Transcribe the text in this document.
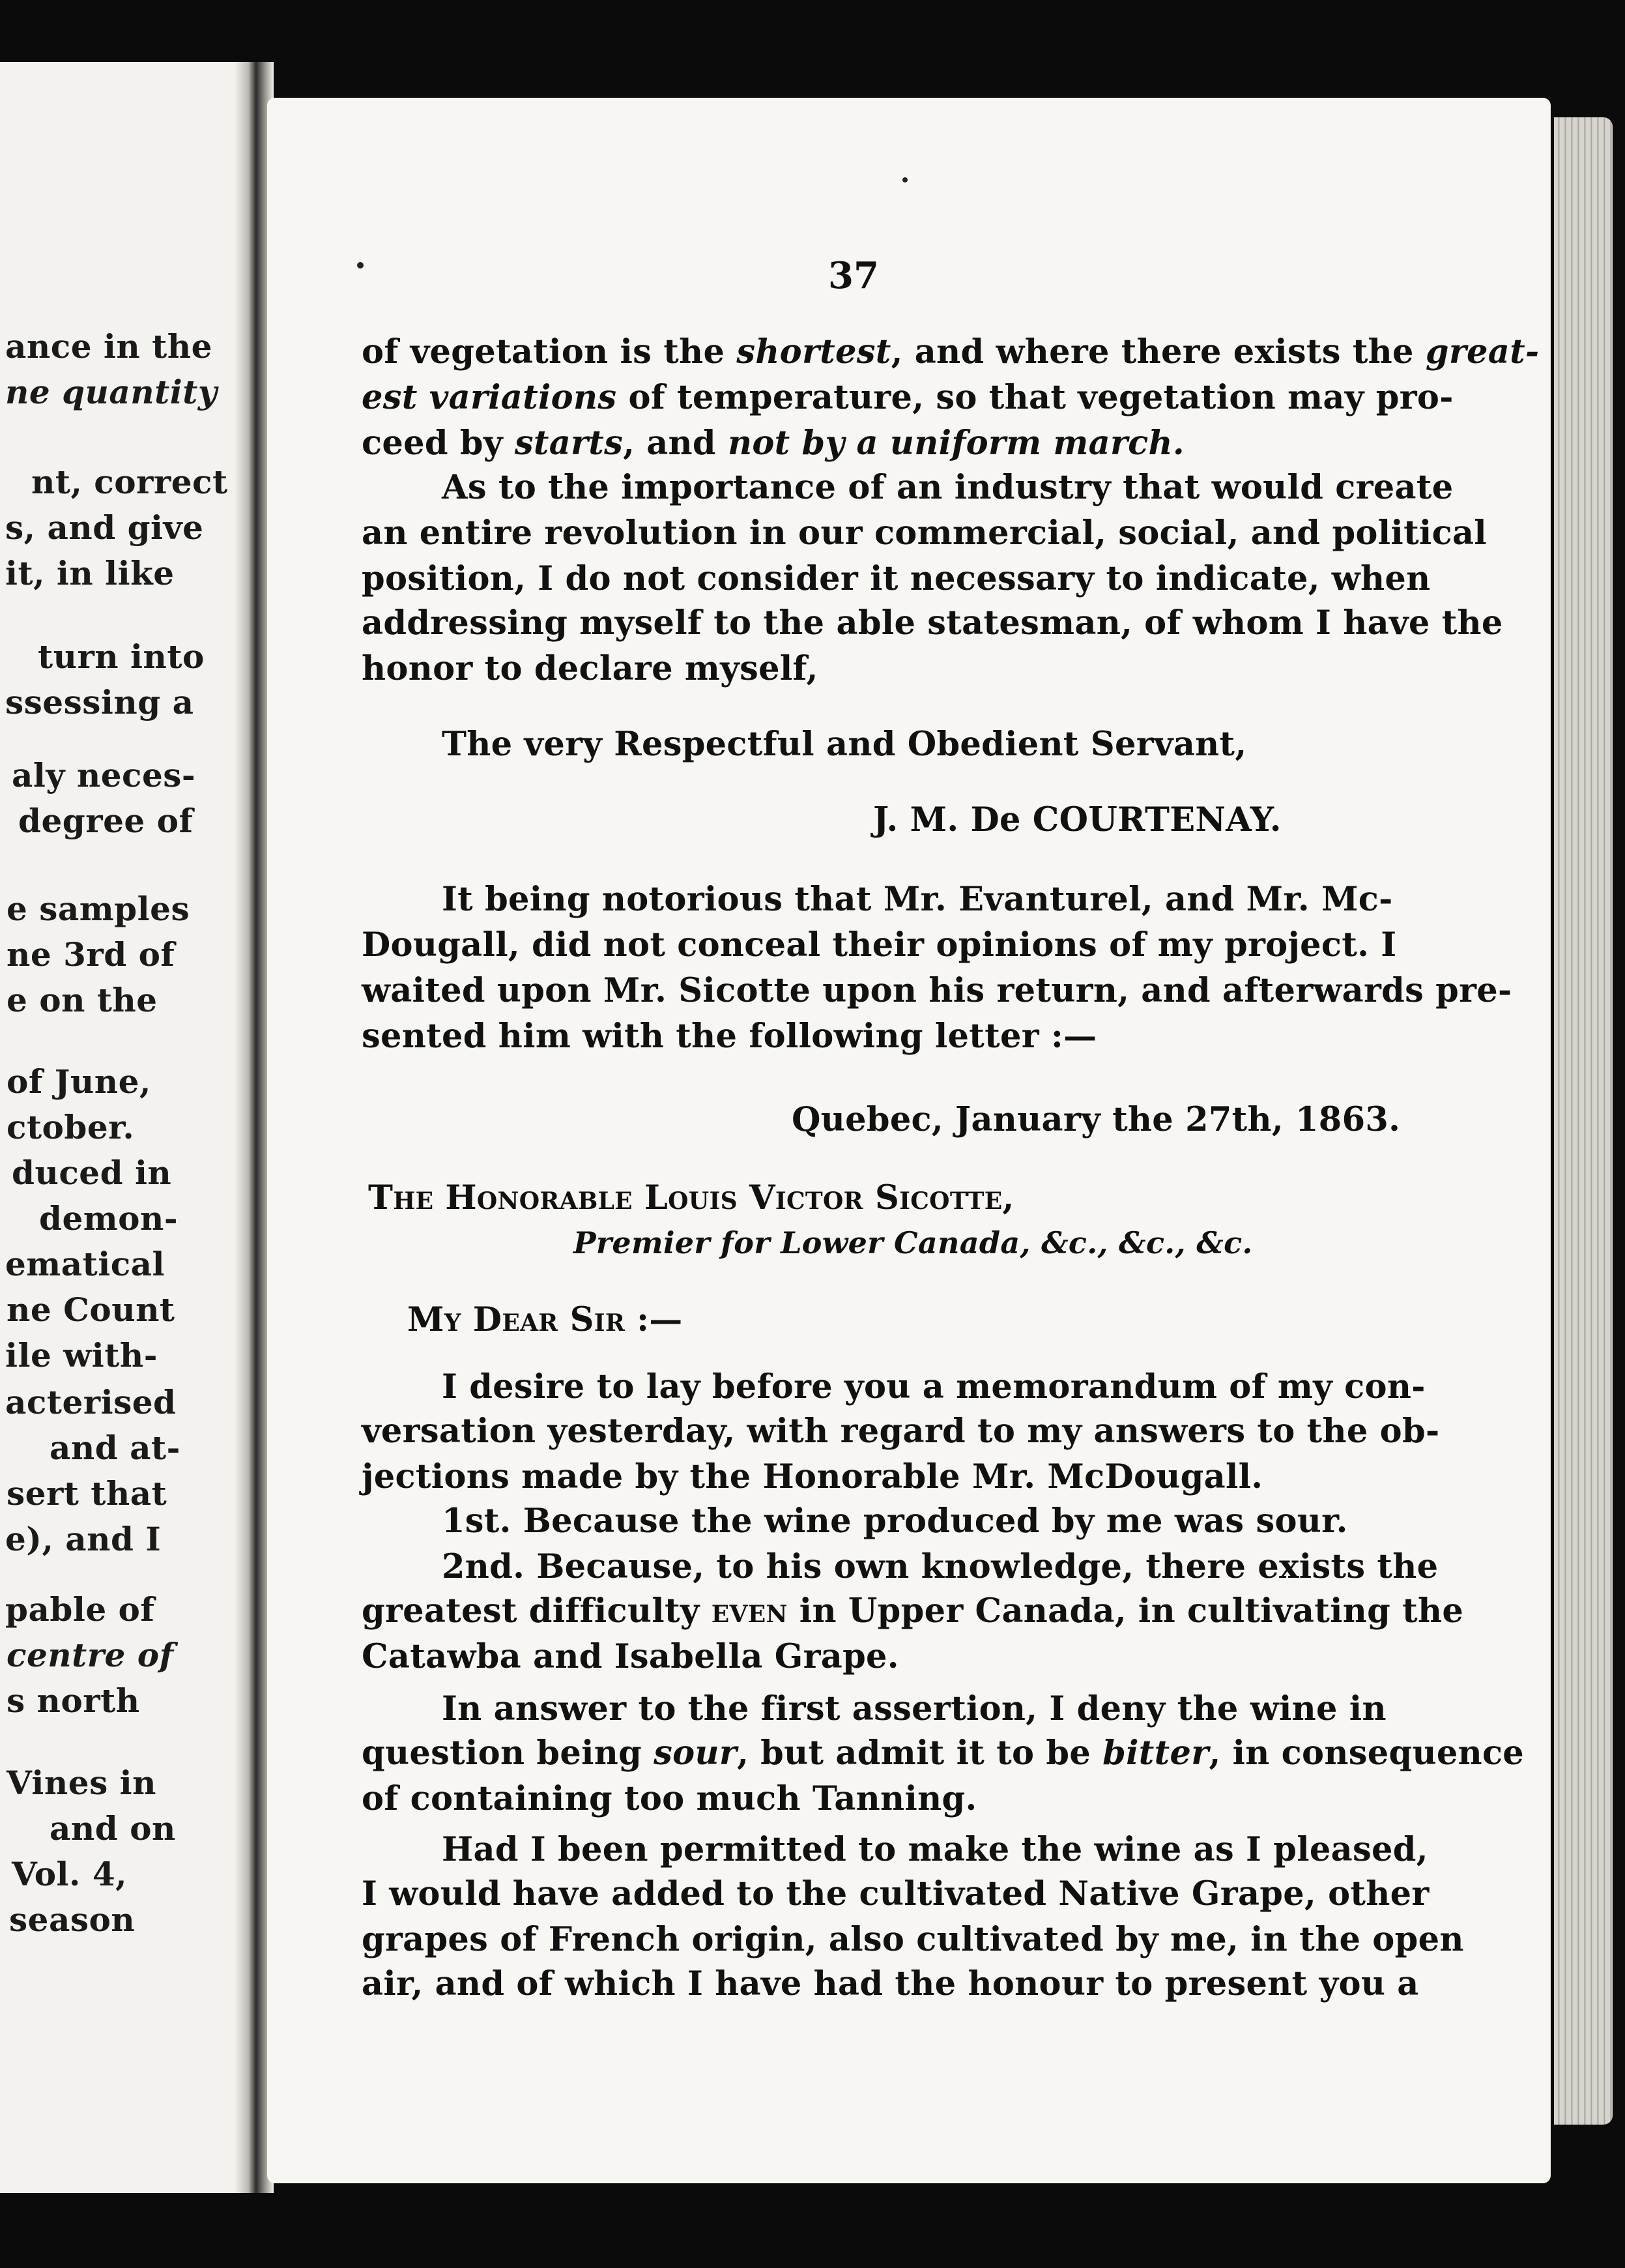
ance in the
ne quantity
nt, correct
s, and give
it, in like
turn into
ssessing a
aly neces-
degree of
e samples
ne 3rd of
e on the
of June,
ctober.
duced in
demon-
ematical
ne Count
ile with-
acterised
and at-
sert that
e), and I
pable of
centre of
s north
Vines in
and on
Vol. 4,
season
37
of vegetation is the shortest, and where there exists the great-
est variations of temperature, so that vegetation may pro-
ceed by starts, and not by a uniform march.
As to the importance of an industry that would create
an entire revolution in our commercial, social, and political
position, I do not consider it necessary to indicate, when
addressing myself to the able statesman, of whom I have the
honor to declare myself,
The very Respectful and Obedient Servant,
J. M. De COURTENAY.
It being notorious that Mr. Evanturel, and Mr. Mc-
Dougall, did not conceal their opinions of my project. I
waited upon Mr. Sicotte upon his return, and afterwards pre-
sented him with the following letter :—
Quebec, January the 27th, 1863.
The Honorable Louis Victor Sicotte,
Premier for Lower Canada, &c., &c., &c.
My Dear Sir :—
I desire to lay before you a memorandum of my con-
versation yesterday, with regard to my answers to the ob-
jections made by the Honorable Mr. McDougall.
1st. Because the wine produced by me was sour.
2nd. Because, to his own knowledge, there exists the
greatest difficulty even in Upper Canada, in cultivating the
Catawba and Isabella Grape.
In answer to the first assertion, I deny the wine in
question being sour, but admit it to be bitter, in consequence
of containing too much Tanning.
Had I been permitted to make the wine as I pleased,
I would have added to the cultivated Native Grape, other
grapes of French origin, also cultivated by me, in the open
air, and of which I have had the honour to present you a
